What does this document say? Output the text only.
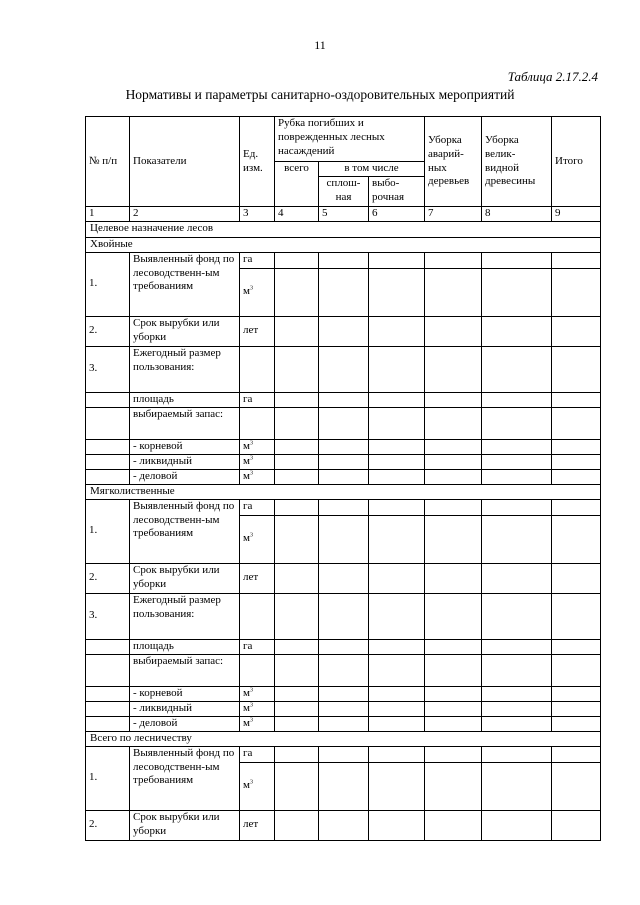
11
Таблица 2.17.2.4
Нормативы и параметры санитарно-оздоровительных мероприятий
№ п/п	Показатели	Ед. изм.	Рубка погибших и поврежденных лесных насаждений			Уборка аварий-ных деревьев	Уборка велик-видной древесины	Итого
			всего	в том числе				
				сплош-ная	выбо-рочная			
1	2	3	4	5	6	7	8	9
Целевое назначение лесов								
Хвойные								
1.	Выявленный фонд по лесоводственн-ым требованиям	га						
		$м^3$						
2.	Срок вырубки или уборки	лет						
3.	Ежегодный размер пользования:							
	площадь	га						
	выбираемый запас:							
	- корневой	$м^3$						
	- ликвидный	$м^3$						
	- деловой	$м^3$						
Мягколиственные								
1.	Выявленный фонд по лесоводственн-ым требованиям	га						
		$м^3$						
2.	Срок вырубки или уборки	лет						
3.	Ежегодный размер пользования:							
	площадь	га						
	выбираемый запас:							
	- корневой	$м^3$						
	- ликвидный	$м^3$						
	- деловой	$м^3$						
Всего по лесничеству								
1.	Выявленный фонд по лесоводственн-ым требованиям	га						
		$м^3$						
2.	Срок вырубки или уборки	лет						
